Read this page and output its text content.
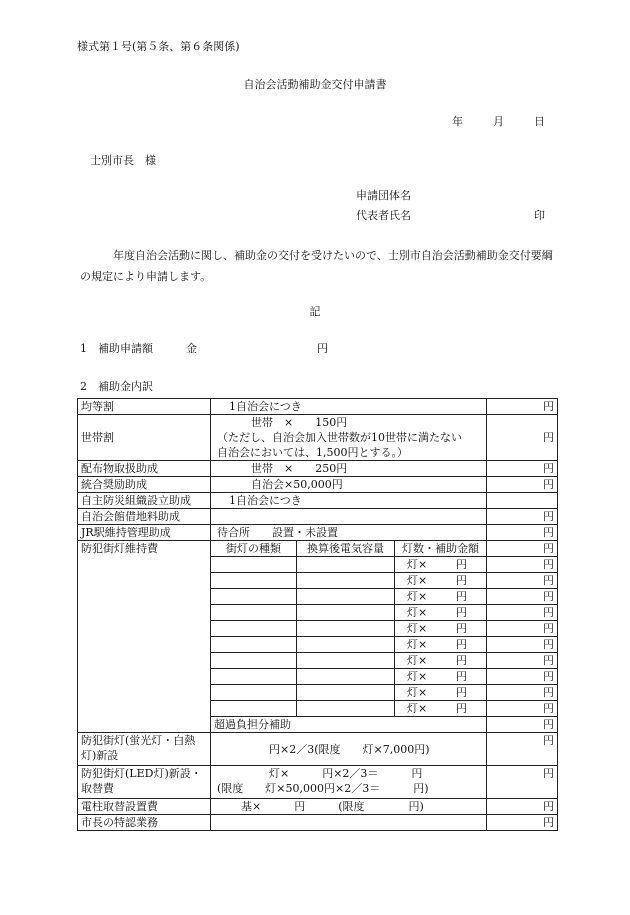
様式第１号(第５条、第６条関係)
自治会活動補助金交付申請書
年	月	日
士別市長　様
申請団体名
代表者氏名	印
年度自治会活動に関し、補助金の交付を受けたいので、士別市自治会活動補助金交付要綱の規定により申請します。
記
1　補助申請額	金	円
2　補助金内訳
均等割	1自治会につき			円
世帯割	世帯　×　　150円
（ただし、自治会加入世帯数が10世帯に満たない
自治会においては、1,500円とする。）			円
配布物取扱助成	世帯　×　　250円			円
統合奨励助成	自治会×50,000円			円
自主防災組織設立助成	1自治会につき			
自治会館借地料助成				円
JR駅維持管理助成	待合所　　設置・未設置			円
防犯街灯維持費	街灯の種類	換算後電気容量	灯数・補助金額	円
			灯× 円	円
			灯× 円	円
			灯× 円	円
			灯× 円	円
			灯× 円	円
			灯× 円	円
			灯× 円	円
			灯× 円	円
			灯× 円	円
			灯× 円	円
	超過負担分補助			円
防犯街灯(蛍光灯・白熱灯)新設	円×2／3(限度　　灯×7,000円)			円
防犯街灯(LED灯)新設・取替費	灯×　　　円×2／3＝　　　円
(限度　　灯×50,000円×2／3＝　　　円)			円
電柱取替設置費	基×　　　円　　　(限度　　　　円)			円
市長の特認業務				円
